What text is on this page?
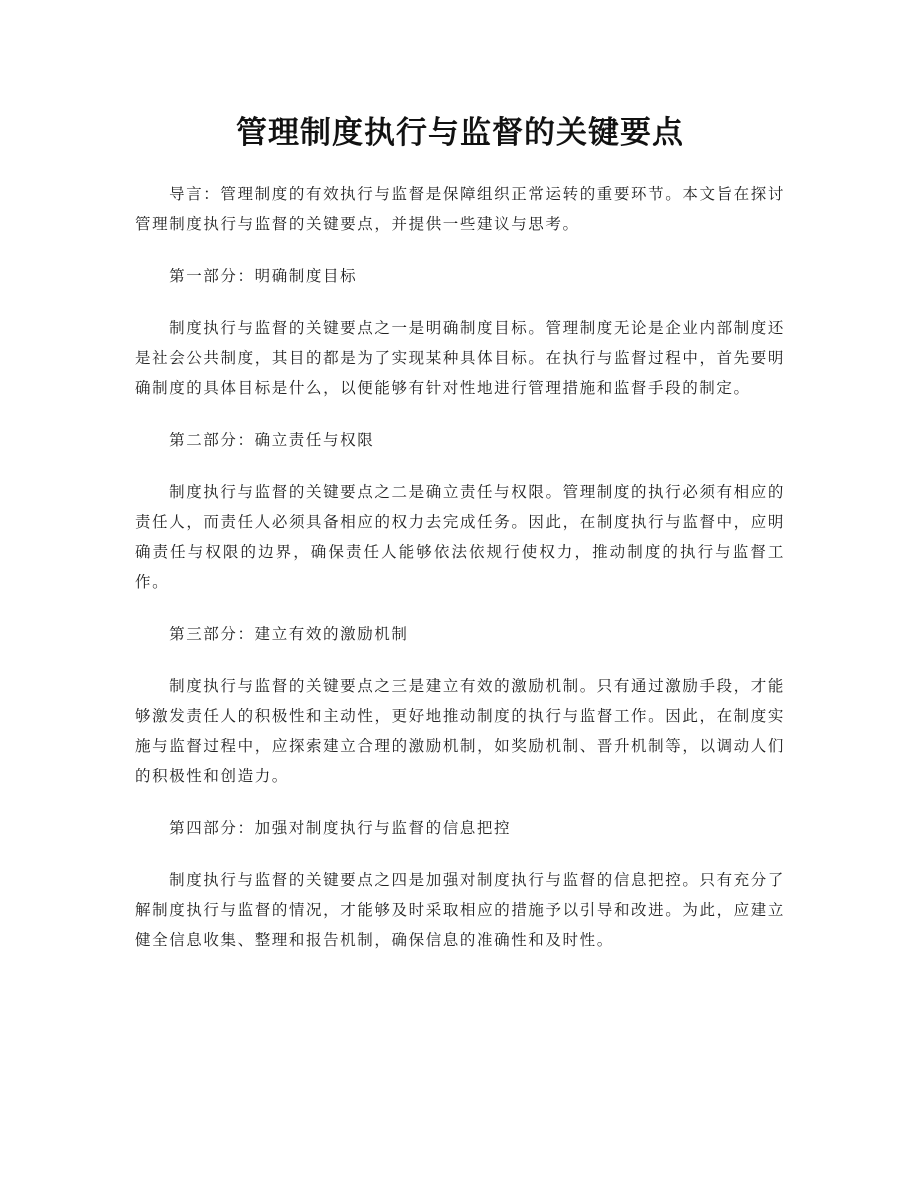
管理制度执行与监督的关键要点

导言：管理制度的有效执行与监督是保障组织正常运转的重要环节。本文旨在探讨管理制度执行与监督的关键要点，并提供一些建议与思考。

第一部分：明确制度目标

制度执行与监督的关键要点之一是明确制度目标。管理制度无论是企业内部制度还是社会公共制度，其目的都是为了实现某种具体目标。在执行与监督过程中，首先要明确制度的具体目标是什么，以便能够有针对性地进行管理措施和监督手段的制定。

第二部分：确立责任与权限

制度执行与监督的关键要点之二是确立责任与权限。管理制度的执行必须有相应的责任人，而责任人必须具备相应的权力去完成任务。因此，在制度执行与监督中，应明确责任与权限的边界，确保责任人能够依法依规行使权力，推动制度的执行与监督工作。

第三部分：建立有效的激励机制

制度执行与监督的关键要点之三是建立有效的激励机制。只有通过激励手段，才能够激发责任人的积极性和主动性，更好地推动制度的执行与监督工作。因此，在制度实施与监督过程中，应探索建立合理的激励机制，如奖励机制、晋升机制等，以调动人们的积极性和创造力。

第四部分：加强对制度执行与监督的信息把控

制度执行与监督的关键要点之四是加强对制度执行与监督的信息把控。只有充分了解制度执行与监督的情况，才能够及时采取相应的措施予以引导和改进。为此，应建立健全信息收集、整理和报告机制，确保信息的准确性和及时性。
